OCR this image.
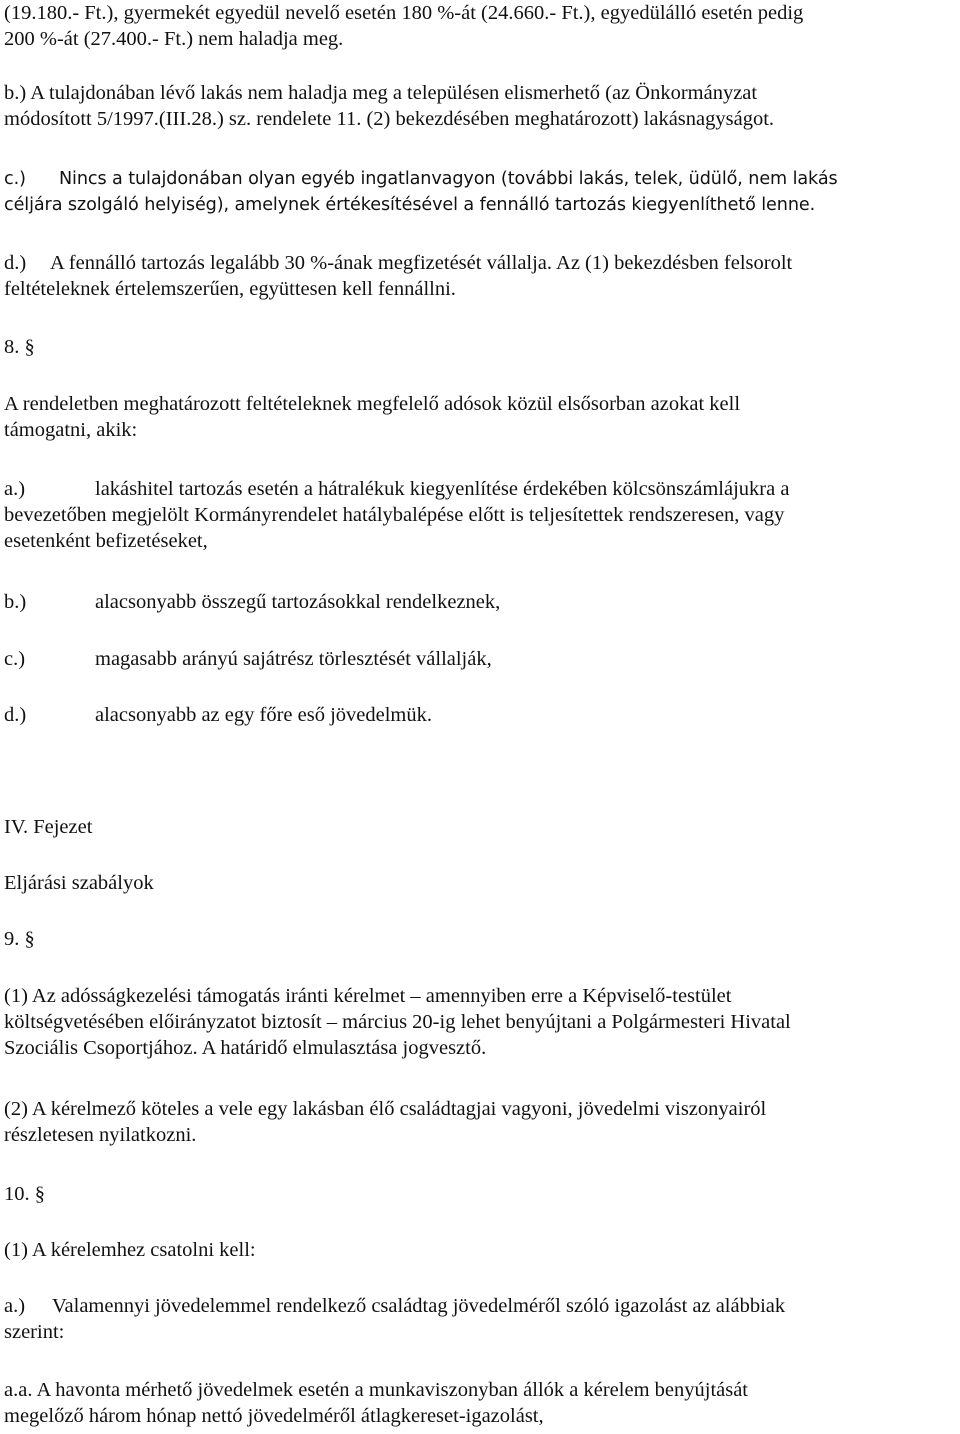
(19.180.- Ft.), gyermekét egyedül nevelő esetén 180 %-át (24.660.- Ft.), egyedülálló esetén pedig
200 %-át (27.400.- Ft.) nem haladja meg.
b.) A tulajdonában lévő lakás nem haladja meg a településen elismerhető (az Önkormányzat
módosított 5/1997.(III.28.) sz. rendelete 11. (2) bekezdésében meghatározott) lakásnagyságot.
c.) Nincs a tulajdonában olyan egyéb ingatlanvagyon (további lakás, telek, üdülő, nem lakás
céljára szolgáló helyiség), amelynek értékesítésével a fennálló tartozás kiegyenlíthető lenne.
d.) A fennálló tartozás legalább 30 %-ának megfizetését vállalja. Az (1) bekezdésben felsorolt
feltételeknek értelemszerűen, együttesen kell fennállni.
8. §
A rendeletben meghatározott feltételeknek megfelelő adósok közül elsősorban azokat kell
támogatni, akik:
a.)	lakáshitel tartozás esetén a hátralékuk kiegyenlítése érdekében kölcsönszámlájukra a
bevezetőben megjelölt Kormányrendelet hatálybalépése előtt is teljesítettek rendszeresen, vagy
esetenként befizetéseket,
b.)	alacsonyabb összegű tartozásokkal rendelkeznek,
c.)	magasabb arányú sajátrész törlesztését vállalják,
d.)	alacsonyabb az egy főre eső jövedelmük.
IV. Fejezet
Eljárási szabályok
9. §
(1) Az adósságkezelési támogatás iránti kérelmet – amennyiben erre a Képviselő-testület
költségvetésében előirányzatot biztosít – március 20-ig lehet benyújtani a Polgármesteri Hivatal
Szociális Csoportjához. A határidő elmulasztása jogvesztő.
(2) A kérelmező köteles a vele egy lakásban élő családtagjai vagyoni, jövedelmi viszonyairól
részletesen nyilatkozni.
10. §
(1) A kérelemhez csatolni kell:
a.) Valamennyi jövedelemmel rendelkező családtag jövedelméről szóló igazolást az alábbiak
szerint:
a.a. A havonta mérhető jövedelmek esetén a munkaviszonyban állók a kérelem benyújtását
megelőző három hónap nettó jövedelméről átlagkereset-igazolást,
